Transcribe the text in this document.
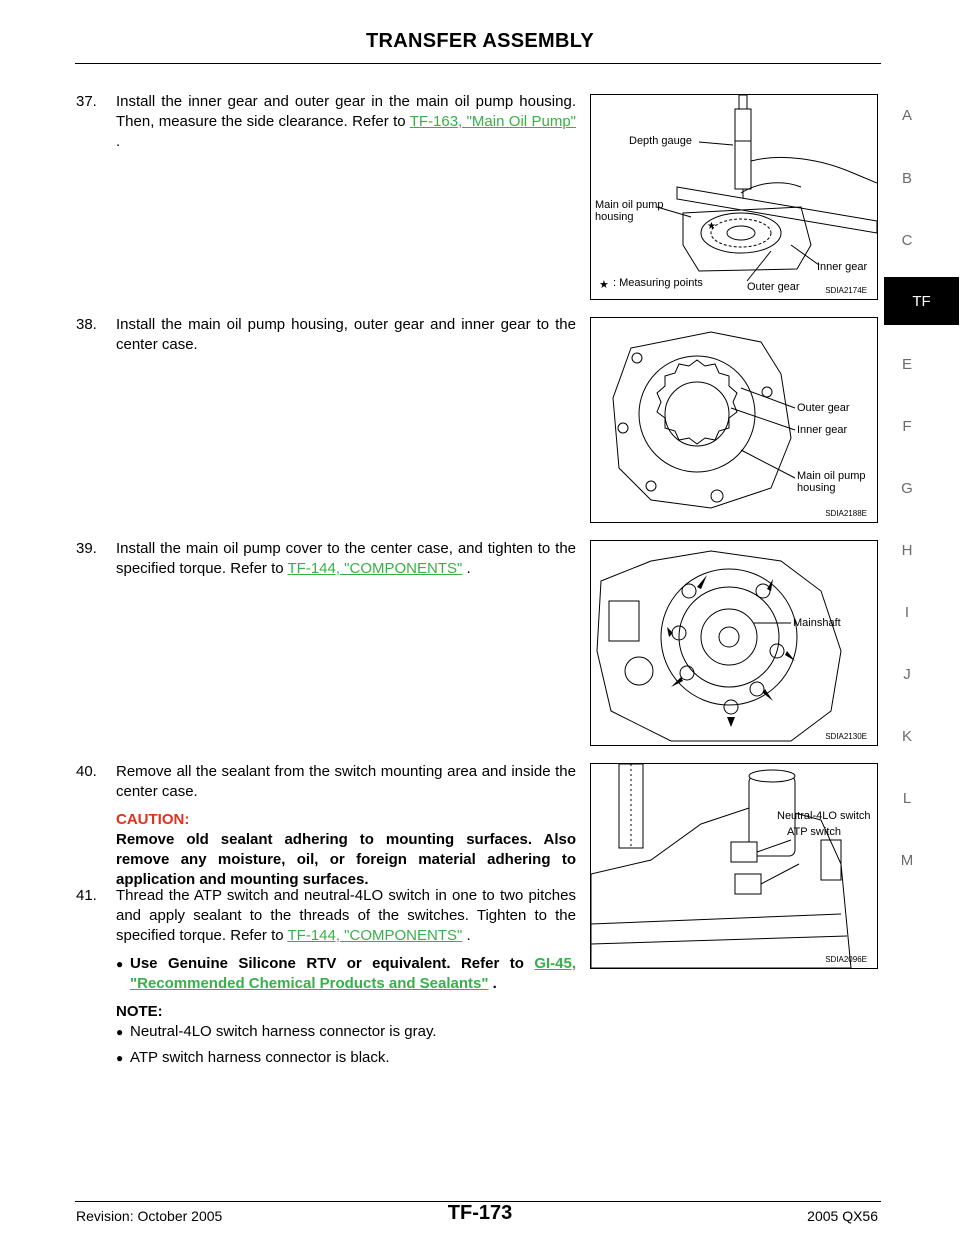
TRANSFER ASSEMBLY
A
B
C
TF
E
F
G
H
I
J
K
L
M
37. Install the inner gear and outer gear in the main oil pump housing. Then, measure the side clearance. Refer to TF-163, "Main Oil Pump" .
★
★
Depth gauge
Main oil pump housing
Inner gear
Outer gear
: Measuring points
SDIA2174E
38. Install the main oil pump housing, outer gear and inner gear to the center case.
Outer gear
Inner gear
Main oil pump housing
SDIA2188E
39. Install the main oil pump cover to the center case, and tighten to the specified torque. Refer to TF-144, "COMPONENTS" .
Mainshaft
SDIA2130E
40. Remove all the sealant from the switch mounting area and inside the center case.
CAUTION:
Remove old sealant adhering to mounting surfaces. Also remove any moisture, oil, or foreign material adhering to application and mounting surfaces.
41. Thread the ATP switch and neutral-4LO switch in one to two pitches and apply sealant to the threads of the switches. Tighten to the specified torque. Refer to TF-144, "COMPONENTS" .
● Use Genuine Silicone RTV or equivalent. Refer to GI-45, "Recommended Chemical Products and Sealants" .
NOTE:
● Neutral-4LO switch harness connector is gray.
● ATP switch harness connector is black.
Neutral-4LO switch
ATP switch
SDIA2096E
Revision: October 2005	TF-173	2005 QX56
